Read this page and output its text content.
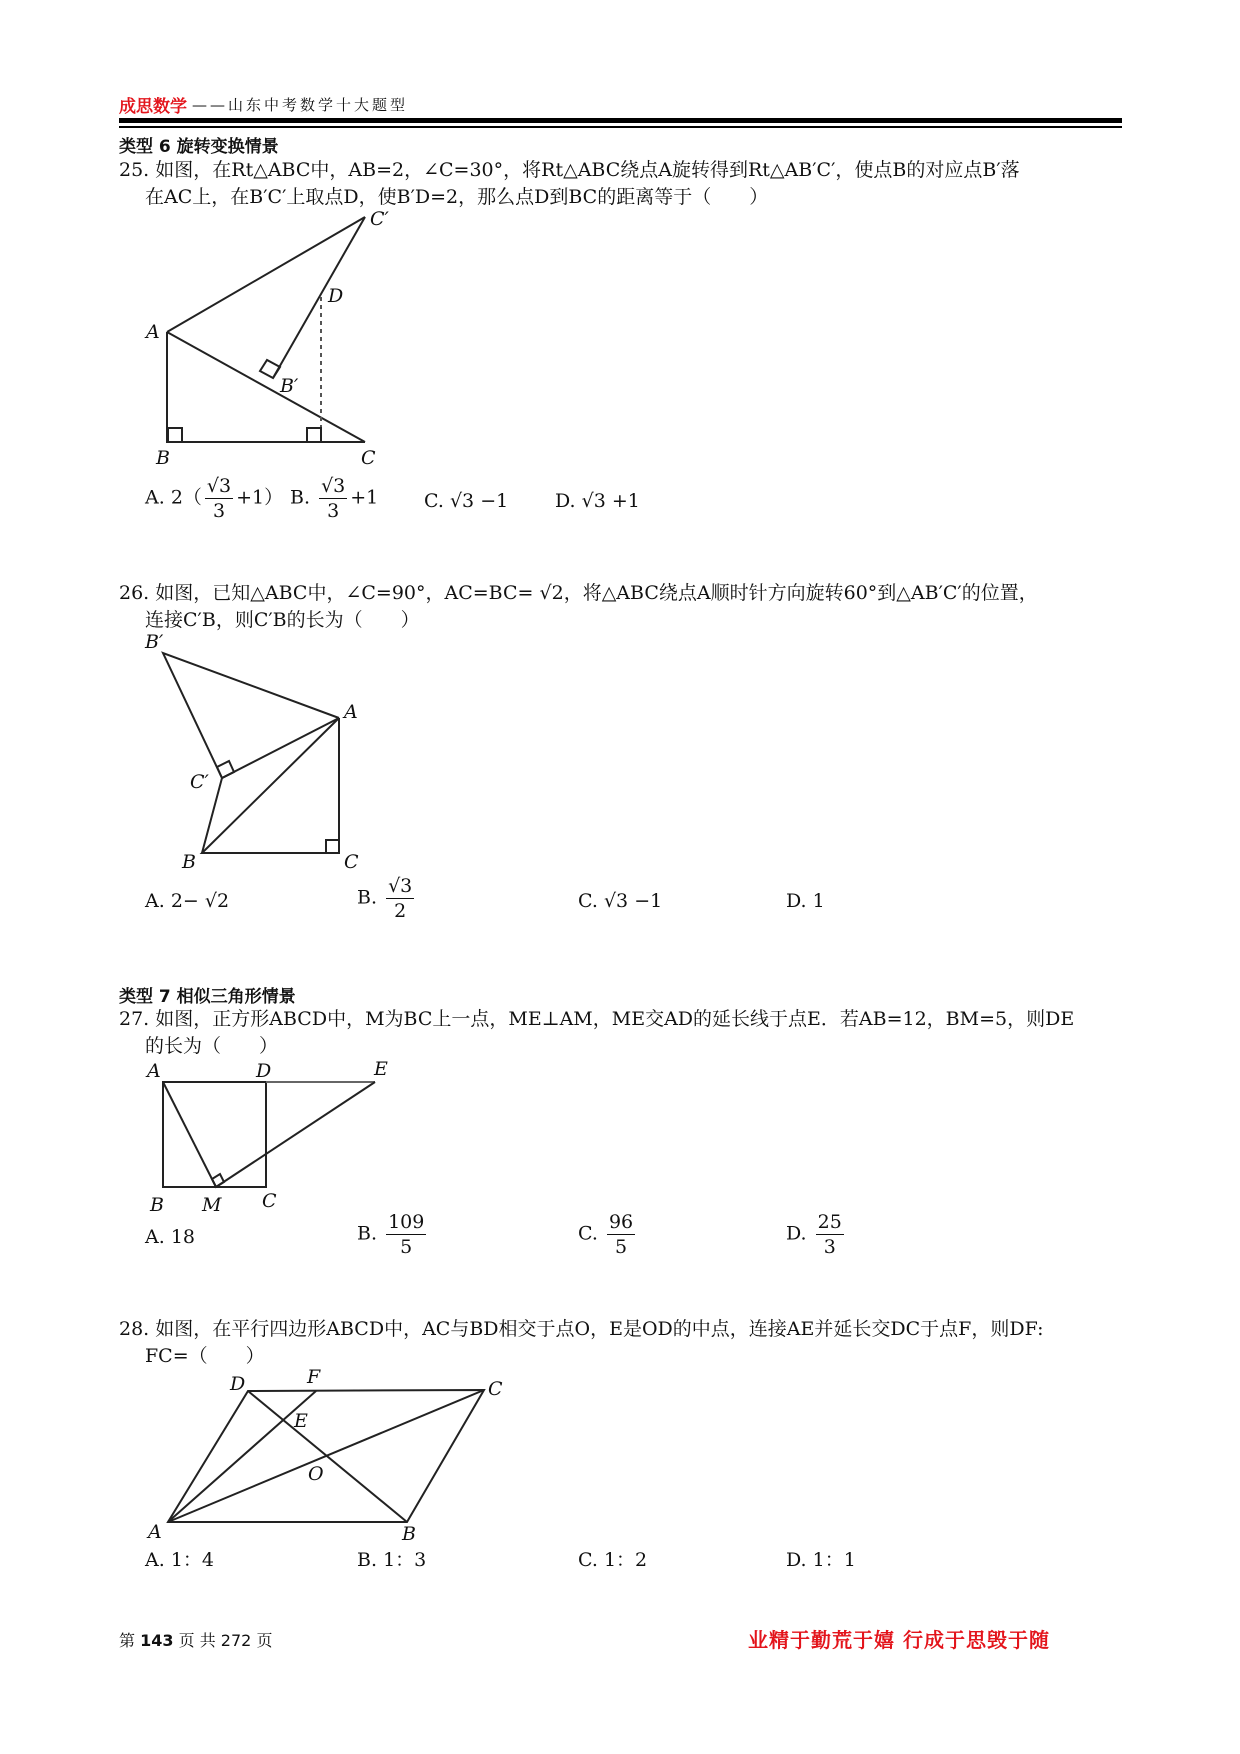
成思数学 ——山东中考数学十大题型
类型 6 旋转变换情景
25. 如图，在Rt△ABC中，AB=2，∠C=30°，将Rt△ABC绕点A旋转得到Rt△AB′C′，使点B的对应点B′落
在AC上，在B′C′上取点D，使B′D=2，那么点D到BC的距离等于（　　）
C′
D
A
B′
B	C
A. $2( \frac{√3}{3} +1)$ B. $\frac{√3}{3} +1$ C. √3 −1 D. √3 +1
26. 如图，已知△ABC中，∠C=90°，AC=BC= √2，将△ABC绕点A顺时针方向旋转60°到△AB′C′的位置，
连接C′B，则C′B的长为（　　）
B′
A
C′
B	C
A. 2− √2	B. $\frac{√3}{2}$	C. √3 −1	D. 1
类型 7 相似三角形情景
27. 如图，正方形ABCD中，M为BC上一点，ME⊥AM，ME交AD的延长线于点E．若AB=12，BM=5，则DE
的长为（　　）
A	D	E
B M C
A. 18	B. $\frac{109}{5}$	C. $\frac{96}{5}$	D. $\frac{25}{3}$
28. 如图，在平行四边形ABCD中，AC与BD相交于点O，E是OD的中点，连接AE并延长交DC于点F，则DF:
FC=（　　）
D	F
C
E
O
A	B
A. 1：4	B. 1：3	C. 1：2	D. 1：1
第 143 页 共 272 页	业精于勤荒于嬉 行成于思毁于随
